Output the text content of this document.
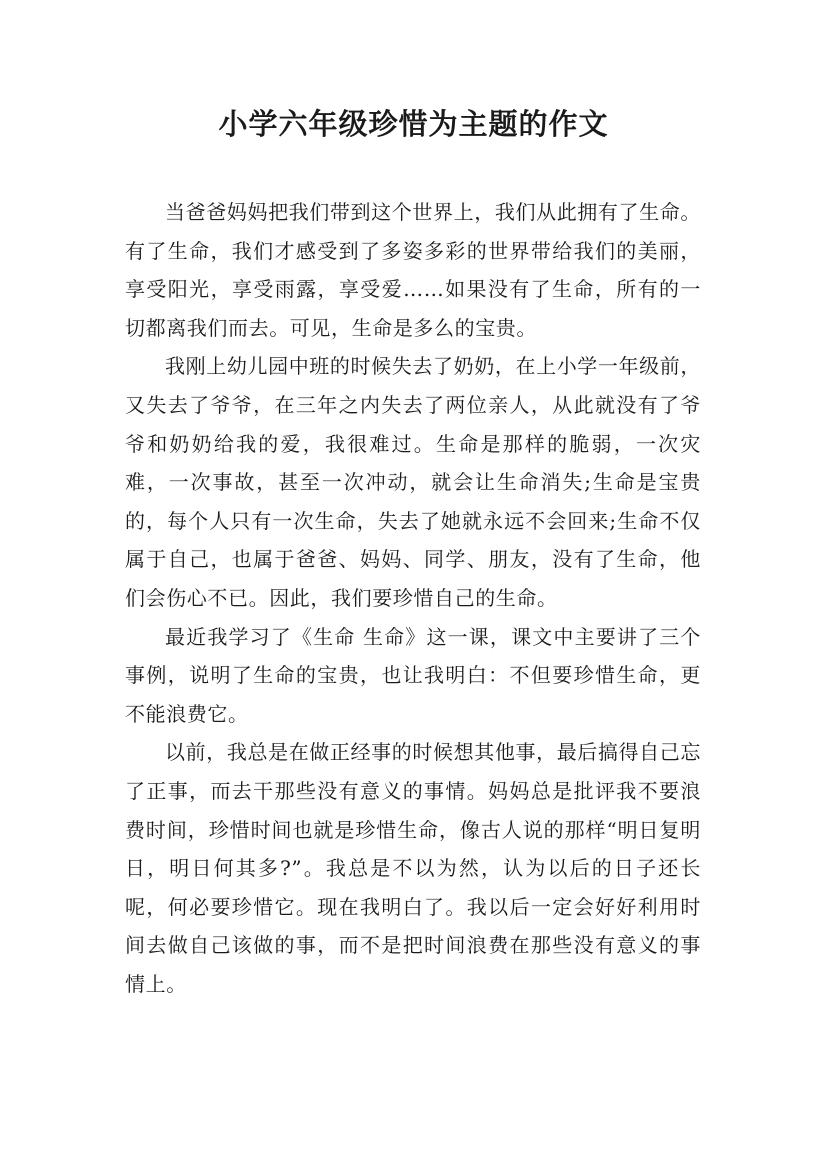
小学六年级珍惜为主题的作文

当爸爸妈妈把我们带到这个世界上，我们从此拥有了生命。有了生命，我们才感受到了多姿多彩的世界带给我们的美丽，享受阳光，享受雨露，享受爱……如果没有了生命，所有的一切都离我们而去。可见，生命是多么的宝贵。

我刚上幼儿园中班的时候失去了奶奶，在上小学一年级前，又失去了爷爷，在三年之内失去了两位亲人，从此就没有了爷爷和奶奶给我的爱，我很难过。生命是那样的脆弱，一次灾难，一次事故，甚至一次冲动，就会让生命消失;生命是宝贵的，每个人只有一次生命，失去了她就永远不会回来;生命不仅属于自己，也属于爸爸、妈妈、同学、朋友，没有了生命，他们会伤心不已。因此，我们要珍惜自己的生命。

最近我学习了《生命 生命》这一课，课文中主要讲了三个事例，说明了生命的宝贵，也让我明白：不但要珍惜生命，更不能浪费它。

以前，我总是在做正经事的时候想其他事，最后搞得自己忘了正事，而去干那些没有意义的事情。妈妈总是批评我不要浪费时间，珍惜时间也就是珍惜生命，像古人说的那样“明日复明日，明日何其多?”。我总是不以为然，认为以后的日子还长呢，何必要珍惜它。现在我明白了。我以后一定会好好利用时间去做自己该做的事，而不是把时间浪费在那些没有意义的事情上。
